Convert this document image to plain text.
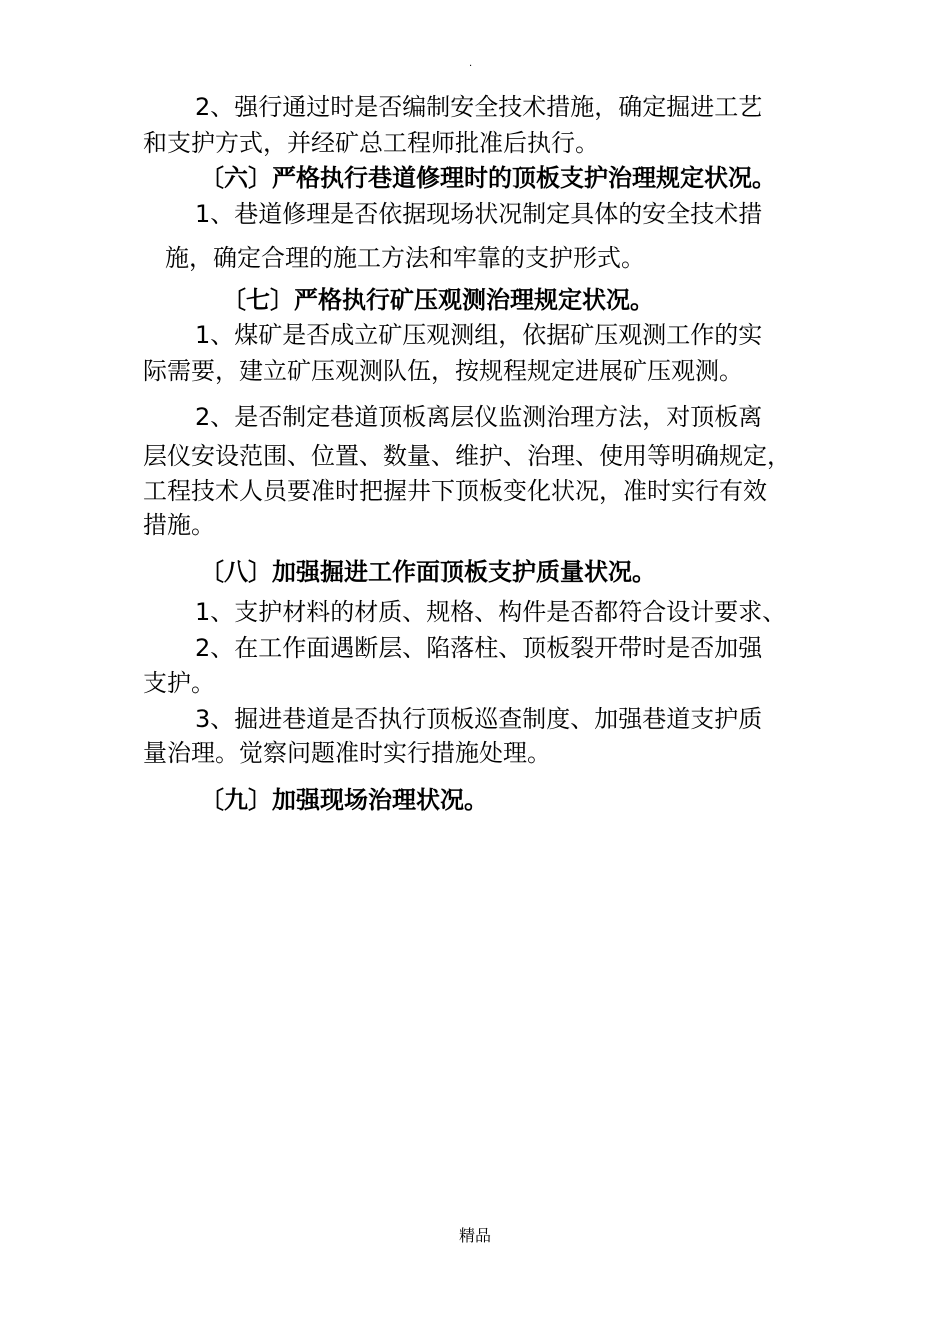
.
2、强行通过时是否编制安全技术措施，确定掘进工艺
和支护方式，并经矿总工程师批准后执行。
〔六〕严格执行巷道修理时的顶板支护治理规定状况。
1、巷道修理是否依据现场状况制定具体的安全技术措
施，确定合理的施工方法和牢靠的支护形式。
〔七〕严格执行矿压观测治理规定状况。
1、煤矿是否成立矿压观测组，依据矿压观测工作的实
际需要，建立矿压观测队伍，按规程规定进展矿压观测。
2、是否制定巷道顶板离层仪监测治理方法，对顶板离
层仪安设范围、位置、数量、维护、治理、使用等明确规定，
工程技术人员要准时把握井下顶板变化状况，准时实行有效
措施。
〔八〕加强掘进工作面顶板支护质量状况。
1、支护材料的材质、规格、构件是否都符合设计要求、
2、在工作面遇断层、陷落柱、顶板裂开带时是否加强
支护。
3、掘进巷道是否执行顶板巡查制度、加强巷道支护质
量治理。觉察问题准时实行措施处理。
〔九〕加强现场治理状况。
精品
